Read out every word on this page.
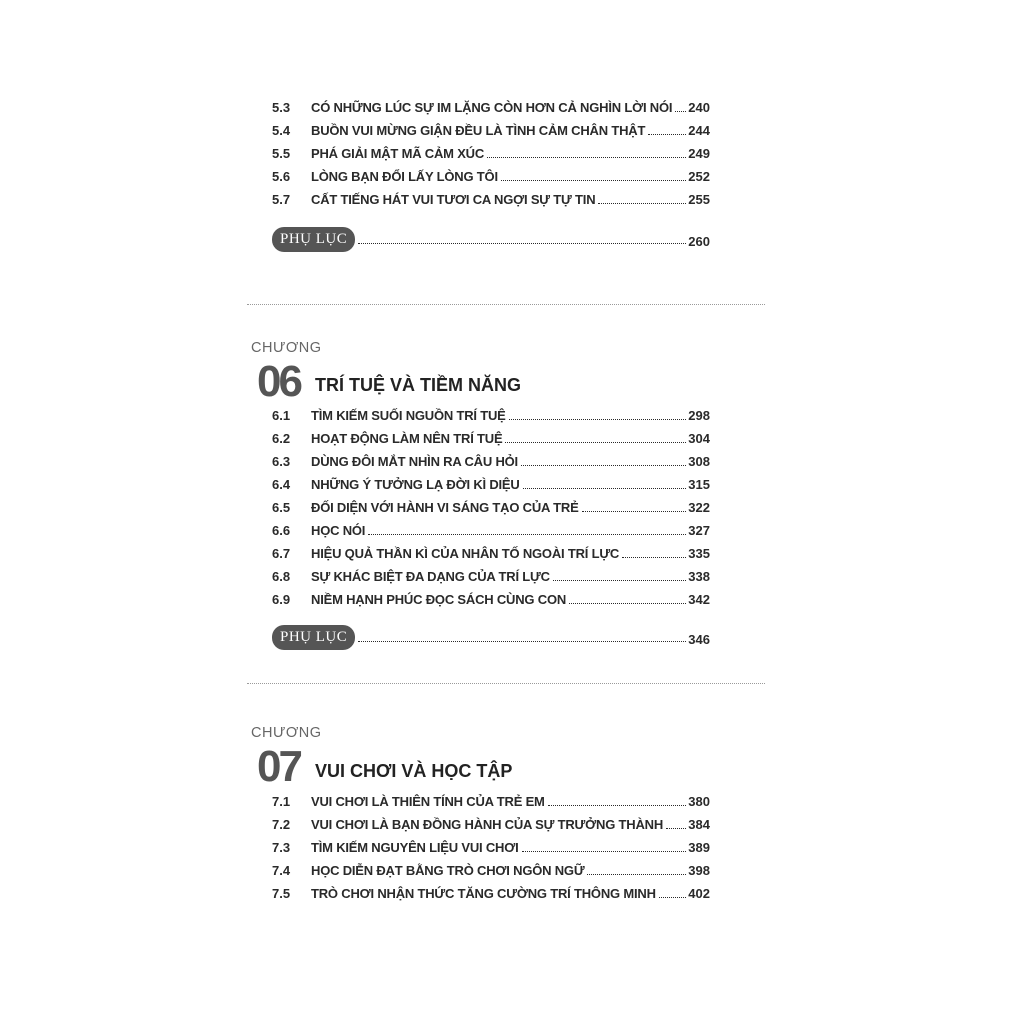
5.3	CÓ NHỮNG LÚC SỰ IM LẶNG CÒN HƠN CẢ NGHÌN LỜI NÓI 240
5.4	BUỒN VUI MỪNG GIẬN ĐỀU LÀ TÌNH CẢM CHÂN THẬT	244
5.5	PHÁ GIẢI MẬT MÃ CẢM XÚC	249
5.6	LÒNG BẠN ĐỔI LẤY LÒNG TÔI	252
5.7	CẤT TIẾNG HÁT VUI TƯƠI CA NGỢI SỰ TỰ TIN	255
PHỤ LỤC	260
CHƯƠNG
06 TRÍ TUỆ VÀ TIỀM NĂNG
6.1	TÌM KIẾM SUỐI NGUỒN TRÍ TUỆ	298
6.2	HOẠT ĐỘNG LÀM NÊN TRÍ TUỆ	304
6.3	DÙNG ĐÔI MẮT NHÌN RA CÂU HỎI	308
6.4	NHỮNG Ý TƯỞNG LẠ ĐỜI KÌ DIỆU	315
6.5	ĐỐI DIỆN VỚI HÀNH VI SÁNG TẠO CỦA TRẺ	322
6.6	HỌC NÓI	327
6.7	HIỆU QUẢ THẦN KÌ CỦA NHÂN TỐ NGOÀI TRÍ LỰC	335
6.8	SỰ KHÁC BIỆT ĐA DẠNG CỦA TRÍ LỰC	338
6.9	NIỀM HẠNH PHÚC ĐỌC SÁCH CÙNG CON	342
PHỤ LỤC	346
CHƯƠNG
07 VUI CHƠI VÀ HỌC TẬP
7.1	VUI CHƠI LÀ THIÊN TÍNH CỦA TRẺ EM	380
7.2	VUI CHƠI LÀ BẠN ĐỒNG HÀNH CỦA SỰ TRƯỞNG THÀNH 384
7.3	TÌM KIẾM NGUYÊN LIỆU VUI CHƠI	389
7.4	HỌC DIỄN ĐẠT BẰNG TRÒ CHƠI NGÔN NGỮ	398
7.5	TRÒ CHƠI NHẬN THỨC TĂNG CƯỜNG TRÍ THÔNG MINH	402
